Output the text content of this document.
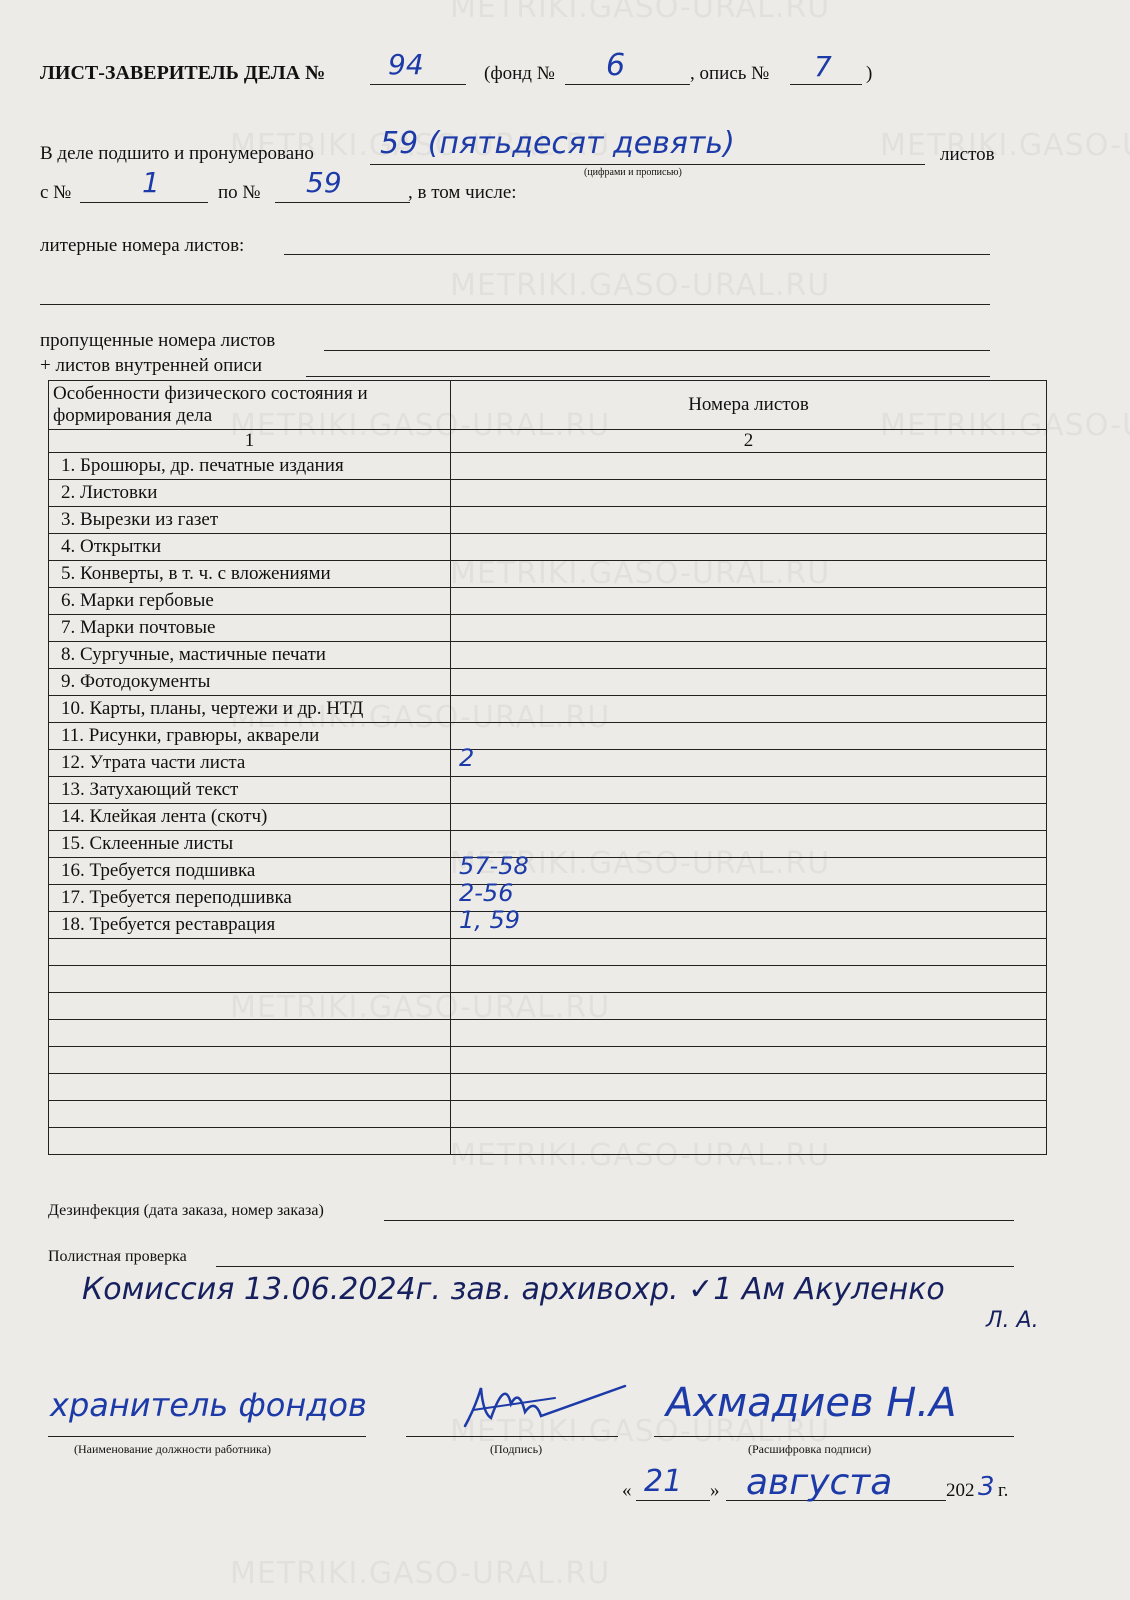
ЛИСТ-ЗАВЕРИТЕЛЬ ДЕЛА № 94	(фонд № 6	, опись № 7 )
В деле подшито и пронумеровано 59 (пятьдесят девять)
(цифрами и прописью)
листов
с №	1	по № 59	, в том числе:
литерные номера листов:
пропущенные номера листов
+ листов внутренней описи
Особенности физического состояния и формирования дела	Номера листов
1	2
1. Брошюры, др. печатные издания	

2. Листовки	

3. Вырезки из газет	

4. Открытки	

5. Конверты, в т. ч. с вложениями	

6. Марки гербовые	

7. Марки почтовые	

8. Сургучные, мастичные печати	

9. Фотодокументы	

10. Карты, планы, чертежи и др. НТД	

11. Рисунки, гравюры, акварели	

12. Утрата части листа	2

13. Затухающий текст	

14. Клейкая лента (скотч)	

15. Склеенные листы	

16. Требуется подшивка	57-58

17. Требуется переподшивка	2-56

18. Требуется реставрация	1, 59

Дезинфекция (дата заказа, номер заказа)
Полистная проверка
Комиссия 13.06.2024г. зав. архивохр. ✓1 Ам Акуленко
Л. А.
хранитель фондов
(Наименование должности работника)	(Подпись)
Ахмадиев Н.А
(Расшифровка подписи)
« 21 » августа	202 3 г.
